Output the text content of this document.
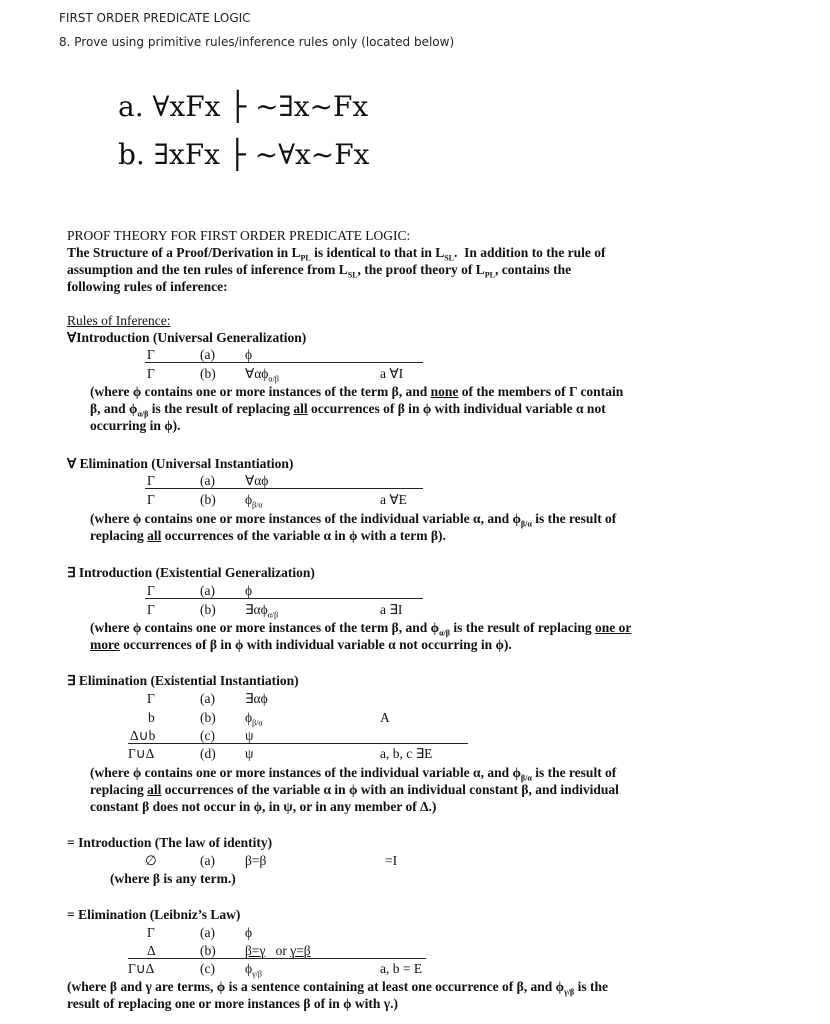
FIRST ORDER PREDICATE LOGIC
8. Prove using primitive rules/inference rules only (located below)
a. ∀xFx ├ ~∃x~Fx
b. ∃xFx ├ ~∀x~Fx
PROOF THEORY FOR FIRST ORDER PREDICATE LOGIC:
The Structure of a Proof/Derivation in $L_{PL}$ is identical to that in $L_{SL}$.  In addition to the rule of
assumption and the ten rules of inference from $L_{SL}$, the proof theory of $L_{PL}$, contains the
following rules of inference:
Rules of Inference:
∀Introduction (Universal Generalization)
Γ	(a) ϕ
Γ	(b) $\forall\alpha\phi_{\alpha/\beta}$	a ∀I
(where ϕ contains one or more instances of the term β, and none of the members of Γ contain
β, and $\phi_{\alpha/\beta}$ is the result of replacing all occurrences of β in ϕ with individual variable α not
occurring in ϕ).
∀ Elimination (Universal Instantiation)
Γ	(a) ∀αϕ
Γ	(b) $\phi_{\beta/\alpha}$	a ∀E
(where ϕ contains one or more instances of the individual variable α, and $\phi_{\beta/\alpha}$ is the result of
replacing all occurrences of the variable α in ϕ with a term β).
∃ Introduction (Existential Generalization)
Γ	(a) ϕ
Γ	(b) $\exists\alpha\phi_{\alpha/\beta}$	a ∃I
(where ϕ contains one or more instances of the term β, and $\phi_{\alpha/\beta}$ is the result of replacing one or
more occurrences of β in ϕ with individual variable α not occurring in ϕ).
∃ Elimination (Existential Instantiation)
Γ	(a) ∃αϕ
b	(b) $\phi_{\beta/\alpha}$	A
Δ∪b	(c) ψ
Γ∪Δ	(d) ψ	a, b, c ∃E
(where ϕ contains one or more instances of the individual variable α, and $\phi_{\beta/\alpha}$ is the result of
replacing all occurrences of the variable α in ϕ with an individual constant β, and individual
constant β does not occur in ϕ, in ψ, or in any member of Δ.)
= Introduction (The law of identity)
∅	(a) β=β	=I
(where β is any term.)
= Elimination (Leibniz’s Law)
Γ	(a) ϕ
Δ	(b) β=γ or γ=β
Γ∪Δ	(c) $\phi_{\gamma/\beta}$	a, b = E
(where β and γ are terms, ϕ is a sentence containing at least one occurrence of β, and $\phi_{\gamma/\beta}$ is the
result of replacing one or more instances β of in ϕ with γ.)
